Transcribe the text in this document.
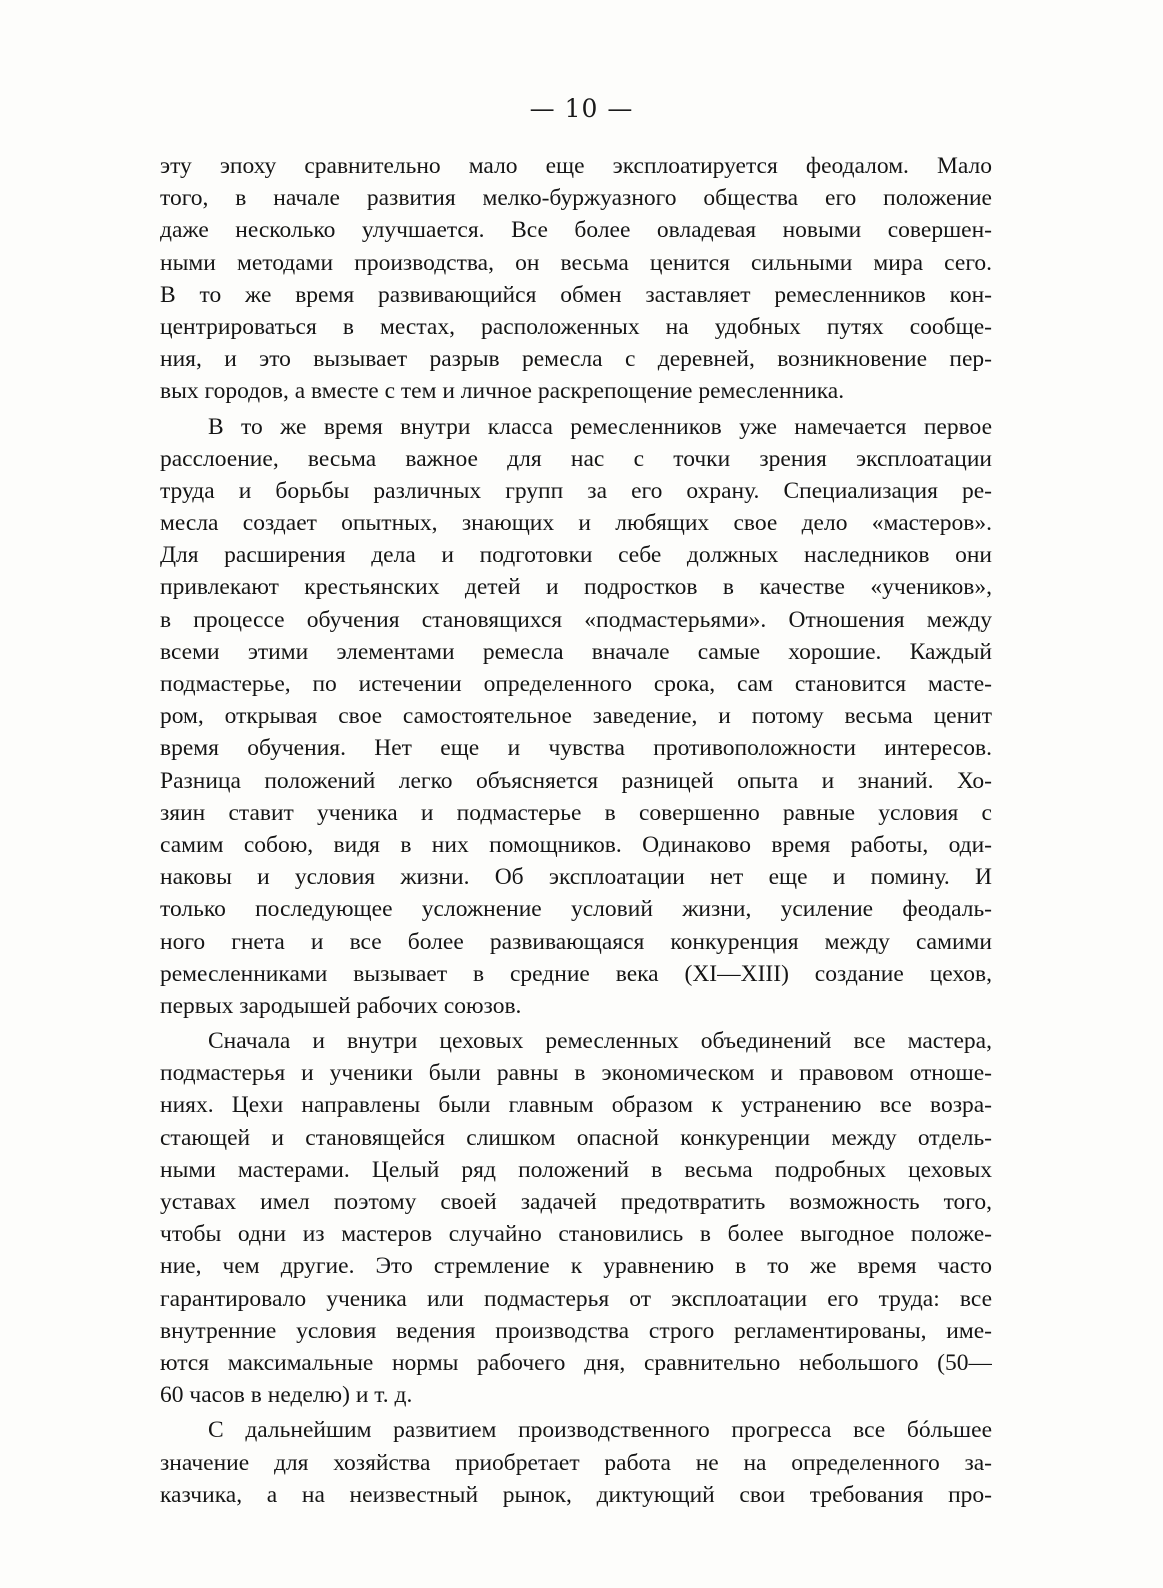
— 10 —
эту эпоху сравнительно мало еще эксплоатируется феодалом. Мало
того, в начале развития мелко-буржуазного общества его положение
даже несколько улучшается. Все более овладевая новыми совершен-
ными методами производства, он весьма ценится сильными мира сего.
В то же время развивающийся обмен заставляет ремесленников кон-
центрироваться в местах, расположенных на удобных путях сообще-
ния, и это вызывает разрыв ремесла с деревней, возникновение пер-
вых городов, а вместе с тем и личное раскрепощение ремесленника.
В то же время внутри класса ремесленников уже намечается первое
расслоение, весьма важное для нас с точки зрения эксплоатации
труда и борьбы различных групп за его охрану. Специализация ре-
месла создает опытных, знающих и любящих свое дело «мастеров».
Для расширения дела и подготовки себе должных наследников они
привлекают крестьянских детей и подростков в качестве «учеников»,
в процессе обучения становящихся «подмастерьями». Отношения между
всеми этими элементами ремесла вначале самые хорошие. Каждый
подмастерье, по истечении определенного срока, сам становится масте-
ром, открывая свое самостоятельное заведение, и потому весьма ценит
время обучения. Нет еще и чувства противоположности интересов.
Разница положений легко объясняется разницей опыта и знаний. Хо-
зяин ставит ученика и подмастерье в совершенно равные условия с
самим собою, видя в них помощников. Одинаково время работы, оди-
наковы и условия жизни. Об эксплоатации нет еще и помину. И
только последующее усложнение условий жизни, усиление феодаль-
ного гнета и все более развивающаяся конкуренция между самими
ремесленниками вызывает в средние века (XI—XIII) создание цехов,
первых зародышей рабочих союзов.
Сначала и внутри цеховых ремесленных объединений все мастера,
подмастерья и ученики были равны в экономическом и правовом отноше-
ниях. Цехи направлены были главным образом к устранению все возра-
стающей и становящейся слишком опасной конкуренции между отдель-
ными мастерами. Целый ряд положений в весьма подробных цеховых
уставах имел поэтому своей задачей предотвратить возможность того,
чтобы одни из мастеров случайно становились в более выгодное положе-
ние, чем другие. Это стремление к уравнению в то же время часто
гарантировало ученика или подмастерья от эксплоатации его труда: все
внутренние условия ведения производства строго регламентированы, име-
ются максимальные нормы рабочего дня, сравнительно небольшого (50—
60 часов в неделю) и т. д.
С дальнейшим развитием производственного прогресса все бóльшее
значение для хозяйства приобретает работа не на определенного за-
казчика, а на неизвестный рынок, диктующий свои требования про-
